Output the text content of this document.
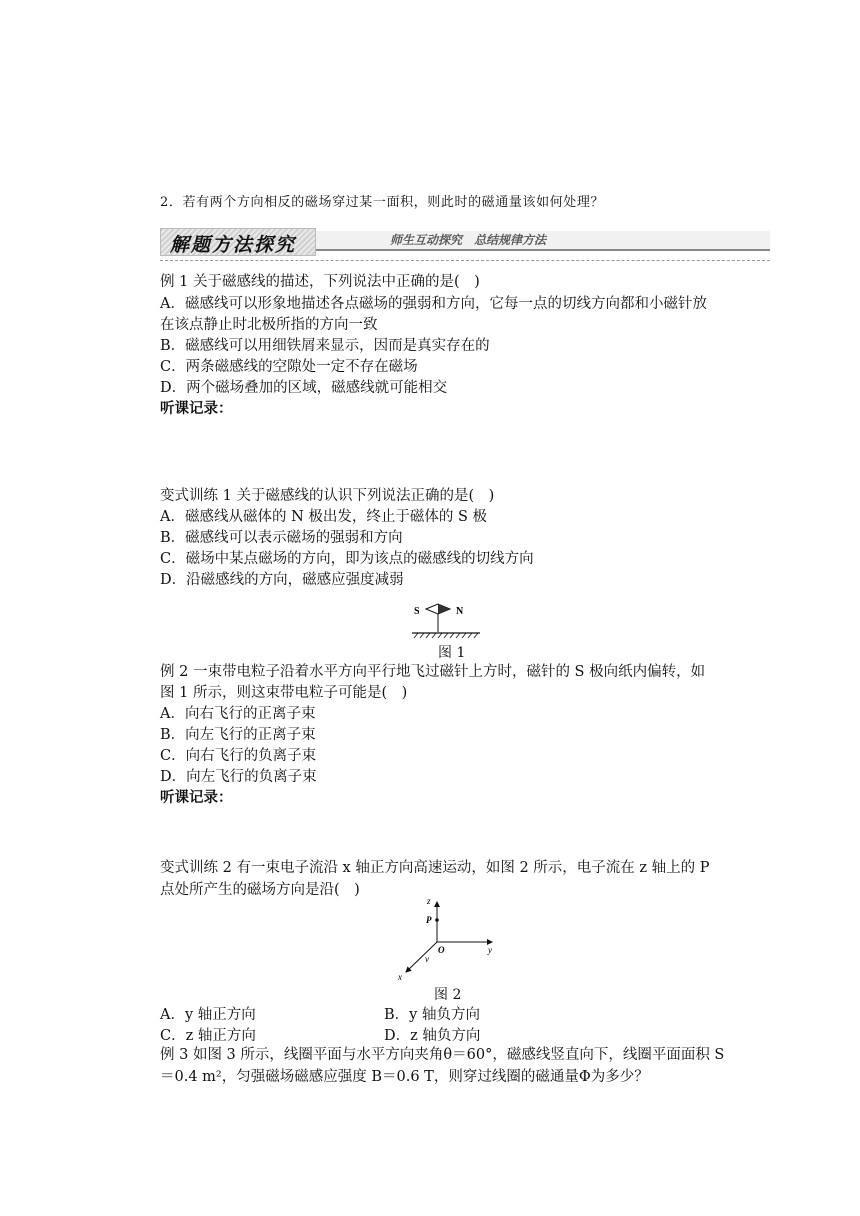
2．若有两个方向相反的磁场穿过某一面积，则此时的磁通量该如何处理？
解题方法探究	师生互动探究　总结规律方法
例 1 关于磁感线的描述，下列说法中正确的是(　)
A．磁感线可以形象地描述各点磁场的强弱和方向，它每一点的切线方向都和小磁针放
在该点静止时北极所指的方向一致
B．磁感线可以用细铁屑来显示，因而是真实存在的
C．两条磁感线的空隙处一定不存在磁场
D．两个磁场叠加的区域，磁感线就可能相交
听课记录：
变式训练 1 关于磁感线的认识下列说法正确的是(　)
A．磁感线从磁体的 N 极出发，终止于磁体的 S 极
B．磁感线可以表示磁场的强弱和方向
C．磁场中某点磁场的方向，即为该点的磁感线的切线方向
D．沿磁感线的方向，磁感应强度减弱
S	N
图 1
例 2 一束带电粒子沿着水平方向平行地飞过磁针上方时，磁针的 S 极向纸内偏转，如
图 1 所示，则这束带电粒子可能是(　)
A．向右飞行的正离子束
B．向左飞行的正离子束
C．向右飞行的负离子束
D．向左飞行的负离子束
听课记录：
变式训练 2 有一束电子流沿 x 轴正方向高速运动，如图 2 所示，电子流在 z 轴上的 P
点处所产生的磁场方向是沿(　)
z
P
O	y
v
x
图 2
A．y 轴正方向	B．y 轴负方向
C．z 轴正方向	D．z 轴负方向
例 3 如图 3 所示，线圈平面与水平方向夹角θ＝60°，磁感线竖直向下，线圈平面面积 S
＝0.4 m²，匀强磁场磁感应强度 B＝0.6 T，则穿过线圈的磁通量Φ为多少？
